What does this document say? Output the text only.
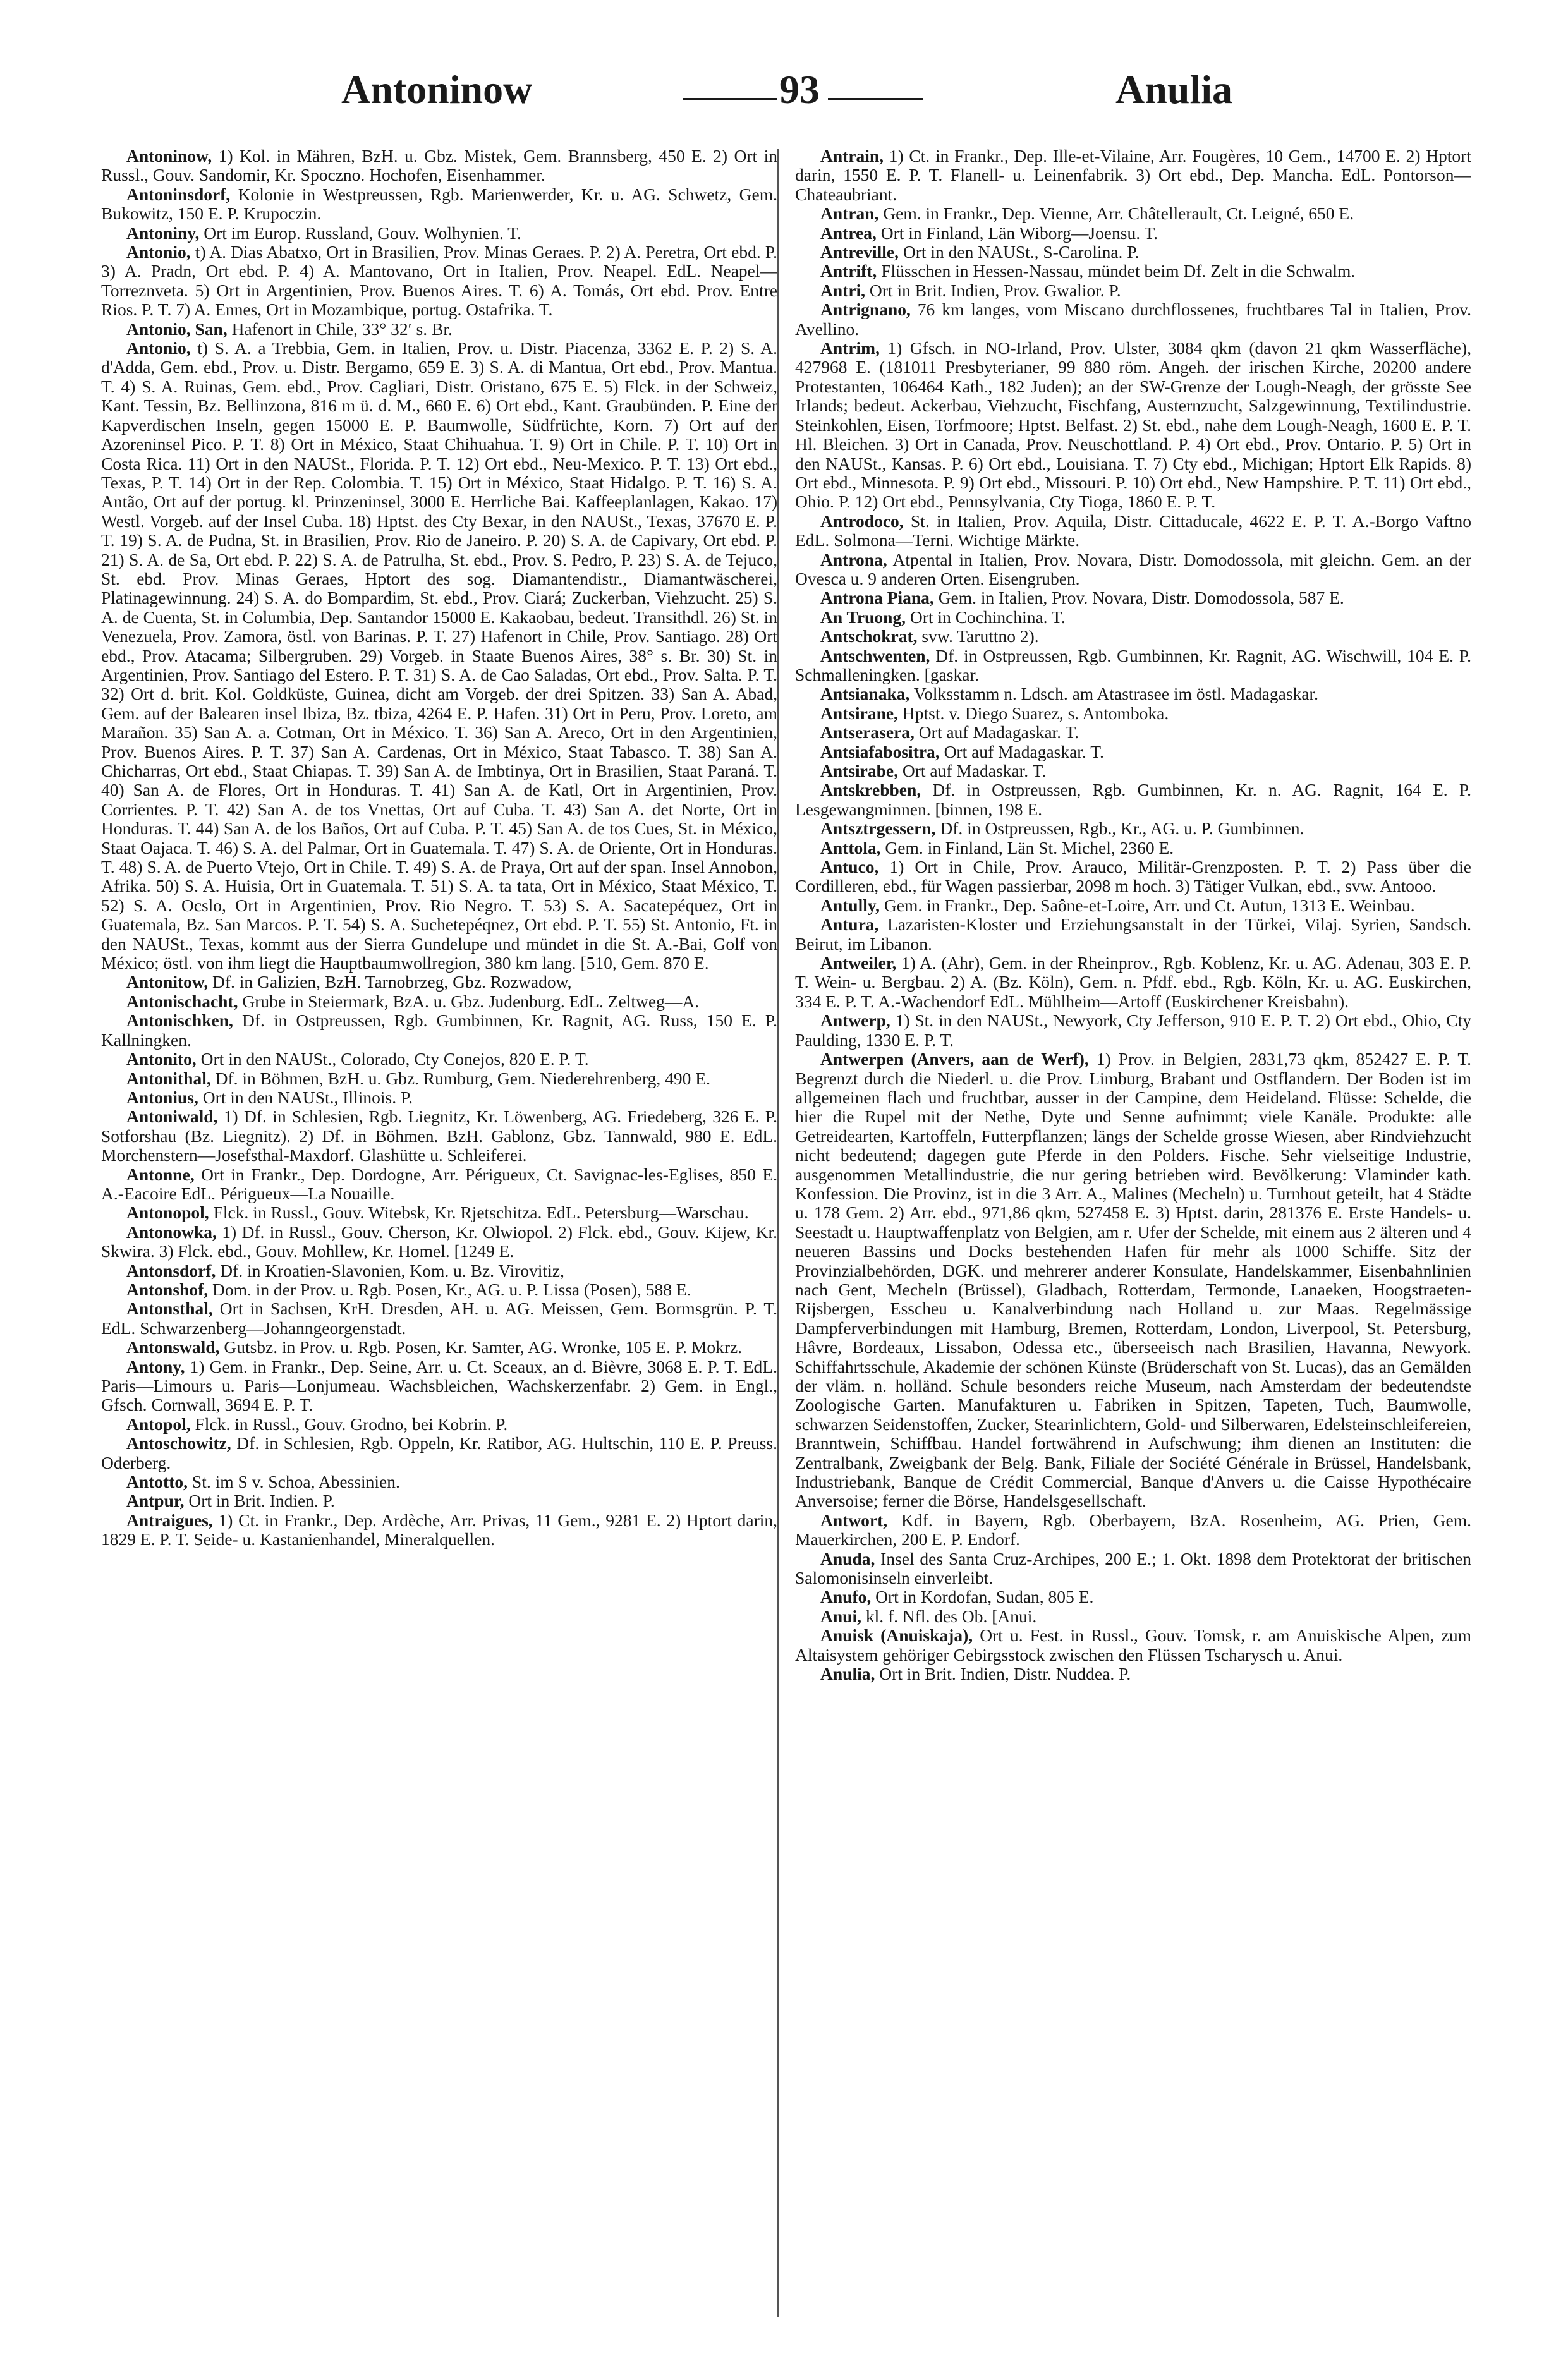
Antoninow	93	Anulia

Antoninow, 1) Kol. in Mähren, BzH. u. Gbz. Mistek, Gem. Brannsberg, 450 E. 2) Ort in Russl., Gouv. Sandomir, Kr. Spoczno. Hochofen, Eisenhammer.

Antoninsdorf, Kolonie in Westpreussen, Rgb. Marienwerder, Kr. u. AG. Schwetz, Gem. Bukowitz, 150 E. P. Krupoczin.

Antoniny, Ort im Europ. Russland, Gouv. Wolhynien. T.

Antonio, t) A. Dias Abatxo, Ort in Brasilien, Prov. Minas Geraes. P. 2) A. Peretra, Ort ebd. P. 3) A. Pradn, Ort ebd. P. 4) A. Mantovano, Ort in Italien, Prov. Neapel. EdL. Neapel—Torreznveta. 5) Ort in Argentinien, Prov. Buenos Aires. T. 6) A. Tomás, Ort ebd. Prov. Entre Rios. P. T. 7) A. Ennes, Ort in Mozambique, portug. Ostafrika. T.

Antonio, San, Hafenort in Chile, 33° 32′ s. Br.

Antonio, t) S. A. a Trebbia, Gem. in Italien, Prov. u. Distr. Piacenza, 3362 E. P. 2) S. A. d'Adda, Gem. ebd., Prov. u. Distr. Bergamo, 659 E. 3) S. A. di Mantua, Ort ebd., Prov. Mantua. T. 4) S. A. Ruinas, Gem. ebd., Prov. Cagliari, Distr. Oristano, 675 E. 5) Flck. in der Schweiz, Kant. Tessin, Bz. Bellinzona, 816 m ü. d. M., 660 E. 6) Ort ebd., Kant. Graubünden. P. Eine der Kapverdischen Inseln, gegen 15000 E. P. Baumwolle, Südfrüchte, Korn. 7) Ort auf der Azoreninsel Pico. P. T. 8) Ort in México, Staat Chihuahua. T. 9) Ort in Chile. P. T. 10) Ort in Costa Rica. 11) Ort in den NAUSt., Florida. P. T. 12) Ort ebd., Neu-Mexico. P. T. 13) Ort ebd., Texas, P. T. 14) Ort in der Rep. Colombia. T. 15) Ort in México, Staat Hidalgo. P. T. 16) S. A. Antão, Ort auf der portug. kl. Prinzeninsel, 3000 E. Herrliche Bai. Kaffeeplanlagen, Kakao. 17) Westl. Vorgeb. auf der Insel Cuba. 18) Hptst. des Cty Bexar, in den NAUSt., Texas, 37670 E. P. T. 19) S. A. de Pudna, St. in Brasilien, Prov. Rio de Janeiro. P. 20) S. A. de Capivary, Ort ebd. P. 21) S. A. de Sa, Ort ebd. P. 22) S. A. de Patrulha, St. ebd., Prov. S. Pedro, P. 23) S. A. de Tejuco, St. ebd. Prov. Minas Geraes, Hptort des sog. Diamantendistr., Diamantwäscherei, Platinagewinnung. 24) S. A. do Bompardim, St. ebd., Prov. Ciará; Zuckerban, Viehzucht. 25) S. A. de Cuenta, St. in Columbia, Dep. Santandor 15000 E. Kakaobau, bedeut. Transithdl. 26) St. in Venezuela, Prov. Zamora, östl. von Barinas. P. T. 27) Hafenort in Chile, Prov. Santiago. 28) Ort ebd., Prov. Atacama; Silbergruben. 29) Vorgeb. in Staate Buenos Aires, 38° s. Br. 30) St. in Argentinien, Prov. Santiago del Estero. P. T. 31) S. A. de Cao Saladas, Ort ebd., Prov. Salta. P. T. 32) Ort d. brit. Kol. Goldküste, Guinea, dicht am Vorgeb. der drei Spitzen. 33) San A. Abad, Gem. auf der Balearen insel Ibiza, Bz. tbiza, 4264 E. P. Hafen. 31) Ort in Peru, Prov. Loreto, am Marañon. 35) San A. a. Cotman, Ort in México. T. 36) San A. Areco, Ort in den Argentinien, Prov. Buenos Aires. P. T. 37) San A. Cardenas, Ort in México, Staat Tabasco. T. 38) San A. Chicharras, Ort ebd., Staat Chiapas. T. 39) San A. de Imbtinya, Ort in Brasilien, Staat Paraná. T. 40) San A. de Flores, Ort in Honduras. T. 41) San A. de Katl, Ort in Argentinien, Prov. Corrientes. P. T. 42) San A. de tos Vnettas, Ort auf Cuba. T. 43) San A. det Norte, Ort in Honduras. T. 44) San A. de los Baños, Ort auf Cuba. P. T. 45) San A. de tos Cues, St. in México, Staat Oajaca. T. 46) S. A. del Palmar, Ort in Guatemala. T. 47) S. A. de Oriente, Ort in Honduras. T. 48) S. A. de Puerto Vtejo, Ort in Chile. T. 49) S. A. de Praya, Ort auf der span. Insel Annobon, Afrika. 50) S. A. Huisia, Ort in Guatemala. T. 51) S. A. ta tata, Ort in México, Staat México, T. 52) S. A. Ocslo, Ort in Argentinien, Prov. Rio Negro. T. 53) S. A. Sacatepéquez, Ort in Guatemala, Bz. San Marcos. P. T. 54) S. A. Suchetepéqnez, Ort ebd. P. T. 55) St. Antonio, Ft. in den NAUSt., Texas, kommt aus der Sierra Gundelupe und mündet in die St. A.-Bai, Golf von México; östl. von ihm liegt die Hauptbaumwollregion, 380 km lang. [510, Gem. 870 E.

Antonitow, Df. in Galizien, BzH. Tarnobrzeg, Gbz. Rozwadow,

Antonischacht, Grube in Steiermark, BzA. u. Gbz. Judenburg. EdL. Zeltweg—A.

Antonischken, Df. in Ostpreussen, Rgb. Gumbinnen, Kr. Ragnit, AG. Russ, 150 E. P. Kallningken.

Antonito, Ort in den NAUSt., Colorado, Cty Conejos, 820 E. P. T.

Antonithal, Df. in Böhmen, BzH. u. Gbz. Rumburg, Gem. Niederehrenberg, 490 E.

Antonius, Ort in den NAUSt., Illinois. P.

Antoniwald, 1) Df. in Schlesien, Rgb. Liegnitz, Kr. Löwenberg, AG. Friedeberg, 326 E. P. Sotforshau (Bz. Liegnitz). 2) Df. in Böhmen. BzH. Gablonz, Gbz. Tannwald, 980 E. EdL. Morchenstern—Josefsthal-Maxdorf. Glashütte u. Schleiferei.

Antonne, Ort in Frankr., Dep. Dordogne, Arr. Périgueux, Ct. Savignac-les-Eglises, 850 E. A.-Eacoire EdL. Périgueux—La Nouaille.

Antonopol, Flck. in Russl., Gouv. Witebsk, Kr. Rjetschitza. EdL. Petersburg—Warschau.

Antonowka, 1) Df. in Russl., Gouv. Cherson, Kr. Olwiopol. 2) Flck. ebd., Gouv. Kijew, Kr. Skwira. 3) Flck. ebd., Gouv. Mohllew, Kr. Homel. [1249 E.

Antonsdorf, Df. in Kroatien-Slavonien, Kom. u. Bz. Virovitiz,

Antonshof, Dom. in der Prov. u. Rgb. Posen, Kr., AG. u. P. Lissa (Posen), 588 E.

Antonsthal, Ort in Sachsen, KrH. Dresden, AH. u. AG. Meissen, Gem. Bormsgrün. P. T. EdL. Schwarzenberg—Johanngeorgenstadt.

Antonswald, Gutsbz. in Prov. u. Rgb. Posen, Kr. Samter, AG. Wronke, 105 E. P. Mokrz.

Antony, 1) Gem. in Frankr., Dep. Seine, Arr. u. Ct. Sceaux, an d. Bièvre, 3068 E. P. T. EdL. Paris—Limours u. Paris—Lonjumeau. Wachsbleichen, Wachskerzenfabr. 2) Gem. in Engl., Gfsch. Cornwall, 3694 E. P. T.

Antopol, Flck. in Russl., Gouv. Grodno, bei Kobrin. P.

Antoschowitz, Df. in Schlesien, Rgb. Oppeln, Kr. Ratibor, AG. Hultschin, 110 E. P. Preuss. Oderberg.

Antotto, St. im S v. Schoa, Abessinien.

Antpur, Ort in Brit. Indien. P.

Antraigues, 1) Ct. in Frankr., Dep. Ardèche, Arr. Privas, 11 Gem., 9281 E. 2) Hptort darin, 1829 E. P. T. Seide- u. Kastanienhandel, Mineralquellen.

Antrain, 1) Ct. in Frankr., Dep. Ille-et-Vilaine, Arr. Fougères, 10 Gem., 14700 E. 2) Hptort darin, 1550 E. P. T. Flanell- u. Leinenfabrik. 3) Ort ebd., Dep. Mancha. EdL. Pontorson—Chateaubriant.

Antran, Gem. in Frankr., Dep. Vienne, Arr. Châtellerault, Ct. Leigné, 650 E.

Antrea, Ort in Finland, Län Wiborg—Joensu. T.

Antreville, Ort in den NAUSt., S-Carolina. P.

Antrift, Flüsschen in Hessen-Nassau, mündet beim Df. Zelt in die Schwalm.

Antri, Ort in Brit. Indien, Prov. Gwalior. P.

Antrignano, 76 km langes, vom Miscano durchflossenes, fruchtbares Tal in Italien, Prov. Avellino.

Antrim, 1) Gfsch. in NO-Irland, Prov. Ulster, 3084 qkm (davon 21 qkm Wasserfläche), 427968 E. (181011 Presbyterianer, 99 880 röm. Angeh. der irischen Kirche, 20200 andere Protestanten, 106464 Kath., 182 Juden); an der SW-Grenze der Lough-Neagh, der grösste See Irlands; bedeut. Ackerbau, Viehzucht, Fischfang, Austernzucht, Salzgewinnung, Textilindustrie. Steinkohlen, Eisen, Torfmoore; Hptst. Belfast. 2) St. ebd., nahe dem Lough-Neagh, 1600 E. P. T. Hl. Bleichen. 3) Ort in Canada, Prov. Neuschottland. P. 4) Ort ebd., Prov. Ontario. P. 5) Ort in den NAUSt., Kansas. P. 6) Ort ebd., Louisiana. T. 7) Cty ebd., Michigan; Hptort Elk Rapids. 8) Ort ebd., Minnesota. P. 9) Ort ebd., Missouri. P. 10) Ort ebd., New Hampshire. P. T. 11) Ort ebd., Ohio. P. 12) Ort ebd., Pennsylvania, Cty Tioga, 1860 E. P. T.

Antrodoco, St. in Italien, Prov. Aquila, Distr. Cittaducale, 4622 E. P. T. A.-Borgo Vaftno EdL. Solmona—Terni. Wichtige Märkte.

Antrona, Atpental in Italien, Prov. Novara, Distr. Domodossola, mit gleichn. Gem. an der Ovesca u. 9 anderen Orten. Eisengruben.

Antrona Piana, Gem. in Italien, Prov. Novara, Distr. Domodossola, 587 E.

An Truong, Ort in Cochinchina. T.

Antschokrat, svw. Taruttno 2).

Antschwenten, Df. in Ostpreussen, Rgb. Gumbinnen, Kr. Ragnit, AG. Wischwill, 104 E. P. Schmalleningken. [gaskar.

Antsianaka, Volksstamm n. Ldsch. am Atastrasee im östl. Madagaskar.

Antsirane, Hptst. v. Diego Suarez, s. Antomboka.

Antserasera, Ort auf Madagaskar. T.

Antsiafabositra, Ort auf Madagaskar. T.

Antsirabe, Ort auf Madaskar. T.

Antskrebben, Df. in Ostpreussen, Rgb. Gumbinnen, Kr. n. AG. Ragnit, 164 E. P. Lesgewangminnen. [binnen, 198 E.

Antsztrgessern, Df. in Ostpreussen, Rgb., Kr., AG. u. P. Gumbinnen.

Anttola, Gem. in Finland, Län St. Michel, 2360 E.

Antuco, 1) Ort in Chile, Prov. Arauco, Militär-Grenzposten. P. T. 2) Pass über die Cordilleren, ebd., für Wagen passierbar, 2098 m hoch. 3) Tätiger Vulkan, ebd., svw. Antooo.

Antully, Gem. in Frankr., Dep. Saône-et-Loire, Arr. und Ct. Autun, 1313 E. Weinbau.

Antura, Lazaristen-Kloster und Erziehungsanstalt in der Türkei, Vilaj. Syrien, Sandsch. Beirut, im Libanon.

Antweiler, 1) A. (Ahr), Gem. in der Rheinprov., Rgb. Koblenz, Kr. u. AG. Adenau, 303 E. P. T. Wein- u. Bergbau. 2) A. (Bz. Köln), Gem. n. Pfdf. ebd., Rgb. Köln, Kr. u. AG. Euskirchen, 334 E. P. T. A.-Wachendorf EdL. Mühlheim—Artoff (Euskirchener Kreisbahn).

Antwerp, 1) St. in den NAUSt., Newyork, Cty Jefferson, 910 E. P. T. 2) Ort ebd., Ohio, Cty Paulding, 1330 E. P. T.

Antwerpen (Anvers, aan de Werf), 1) Prov. in Belgien, 2831,73 qkm, 852427 E. P. T. Begrenzt durch die Niederl. u. die Prov. Limburg, Brabant und Ostflandern. Der Boden ist im allgemeinen flach und fruchtbar, ausser in der Campine, dem Heideland. Flüsse: Schelde, die hier die Rupel mit der Nethe, Dyte und Senne aufnimmt; viele Kanäle. Produkte: alle Getreidearten, Kartoffeln, Futterpflanzen; längs der Schelde grosse Wiesen, aber Rindviehzucht nicht bedeutend; dagegen gute Pferde in den Polders. Fische. Sehr vielseitige Industrie, ausgenommen Metallindustrie, die nur gering betrieben wird. Bevölkerung: Vlaminder kath. Konfession. Die Provinz, ist in die 3 Arr. A., Malines (Mecheln) u. Turnhout geteilt, hat 4 Städte u. 178 Gem. 2) Arr. ebd., 971,86 qkm, 527458 E. 3) Hptst. darin, 281376 E. Erste Handels- u. Seestadt u. Hauptwaffenplatz von Belgien, am r. Ufer der Schelde, mit einem aus 2 älteren und 4 neueren Bassins und Docks bestehenden Hafen für mehr als 1000 Schiffe. Sitz der Provinzialbehörden, DGK. und mehrerer anderer Konsulate, Handelskammer, Eisenbahnlinien nach Gent, Mecheln (Brüssel), Gladbach, Rotterdam, Termonde, Lanaeken, Hoogstraeten-Rijsbergen, Esscheu u. Kanalverbindung nach Holland u. zur Maas. Regelmässige Dampferverbindungen mit Hamburg, Bremen, Rotterdam, London, Liverpool, St. Petersburg, Hâvre, Bordeaux, Lissabon, Odessa etc., überseeisch nach Brasilien, Havanna, Newyork. Schiffahrtsschule, Akademie der schönen Künste (Brüderschaft von St. Lucas), das an Gemälden der vläm. n. holländ. Schule besonders reiche Museum, nach Amsterdam der bedeutendste Zoologische Garten. Manufakturen u. Fabriken in Spitzen, Tapeten, Tuch, Baumwolle, schwarzen Seidenstoffen, Zucker, Stearinlichtern, Gold- und Silberwaren, Edelsteinschleifereien, Branntwein, Schiffbau. Handel fortwährend in Aufschwung; ihm dienen an Instituten: die Zentralbank, Zweigbank der Belg. Bank, Filiale der Société Générale in Brüssel, Handelsbank, Industriebank, Banque de Crédit Commercial, Banque d'Anvers u. die Caisse Hypothécaire Anversoise; ferner die Börse, Handelsgesellschaft.

Antwort, Kdf. in Bayern, Rgb. Oberbayern, BzA. Rosenheim, AG. Prien, Gem. Mauerkirchen, 200 E. P. Endorf.

Anuda, Insel des Santa Cruz-Archipes, 200 E.; 1. Okt. 1898 dem Protektorat der britischen Salomonisinseln einverleibt.

Anufo, Ort in Kordofan, Sudan, 805 E.

Anui, kl. f. Nfl. des Ob. [Anui.

Anuisk (Anuiskaja), Ort u. Fest. in Russl., Gouv. Tomsk, r. am Anuiskische Alpen, zum Altaisystem gehöriger Gebirgsstock zwischen den Flüssen Tscharysch u. Anui.

Anulia, Ort in Brit. Indien, Distr. Nuddea. P.
